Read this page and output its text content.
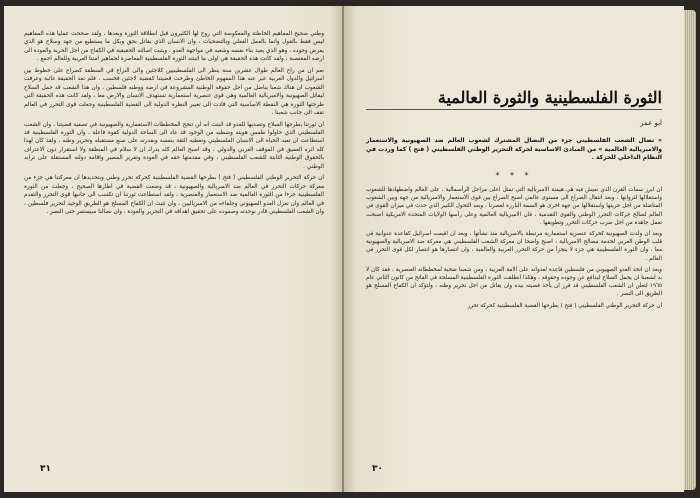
وطني صحيح المفاهيم الخاطئة والمعكوسة التي روج لها الكثيرون قبل انطلاقة الثورة وبعدها ، ولقد صححت عمليا هذه المفاهيم ليس فقط بالقول وانما بالعمل الفعلي وبالتضحيات ، وان الانسان الذي يقاتل بحق وبكل ما يستطيع من جهد وسلاح هو الذي يفرض وجوده ، وهو الذي يعيد بناء نفسه وشعبه في مواجهة العدو ، ويثبت اصالته الحقيقية في الكفاح من اجل الحرية والعودة الى ارضه المغتصبة ، ولقد كانت هذه الحقيقة هي اولى ما اثبتته الثورة الفلسطينية المعاصرة لجماهير امتنا العربية وللعالم اجمع .

نعم ان من راح العالم طوال عشرين سنة ينظر الى الفلسطينيين كلاجئين والى النزاع في المنطقة كصراع على خطوط بين اسرائيل والدول العربية عبر عنه هذا المفهوم الخاطئ وطرحت قضيتنا كقضية لاجئين فحسب ، فلم تعد الحقيقة غائبة وعرفت الشعوب ان هناك شعبا يناضل من اجل حقوقه الوطنية المشروعة في ارضه ووطنه فلسطين ، وان هذا الشعب قد حمل السلاح ليقاتل الصهيونية والامبريالية العالمية وهي قوى عنصرية استعمارية تستهدف الانسان والارض معا ، ولقد كانت هذه الحقيقة التي طرحتها الثورة هي النقطة الاساسية التي قادت الى تغيير النظرة الدولية الى القضية الفلسطينية وجعلت قوى التحرر في العالم تقف الى جانب شعبنا .

ان ثورتنا بطرحها السلاح وتصديها للعدو قد اثبتت انه لن تنجح المخططات الاستعمارية والصهيونية في تصفية قضيتنا ، وان الشعب الفلسطيني الذي حاولوا طمس هويته وشطبه من الوجود قد عاد الى الساحة الدولية كقوة فاعلة ، وان الثورة الفلسطينية قد استطاعت ان تعيد الحياة الى الانسان الفلسطيني وتعطيه الثقة بنفسه وبقدرته على صنع مستقبله وتحرير وطنه ، ولقد كان لهذا كله اثره العميق في الموقف العربي والدولي ، وقد اصبح العالم كله يدرك ان لا سلام في المنطقة ولا استقرار دون الاعتراف بالحقوق الوطنية الثابتة للشعب الفلسطيني ، وفي مقدمتها حقه في العودة وتقرير المصير واقامة دولته المستقلة على ترابه الوطني .

ان حركة التحرير الوطني الفلسطيني ( فتح ) بطرحها القضية الفلسطينية كحركة تحرر وطني وبتحديدها ان معركتنا هي جزء من معركة حركات التحرر في العالم ضد الامبريالية والصهيونية ، قد وضعت القضية في اطارها الصحيح ، وجعلت من الثورة الفلسطينية جزءا من الثورة العالمية ضد الاستعمار والعنصرية ، ولقد استطاعت ثورتنا ان تكسب الى جانبها قوى التحرر والتقدم في العالم وان تعزل العدو الصهيوني وحلفاءه من الامبرياليين ، وان تثبت ان الكفاح المسلح هو الطريق الوحيد لتحرير فلسطين ، وان الشعب الفلسطيني قادر بوحدته وصموده على تحقيق اهدافه في التحرير والعودة ، وان نضالنا سيستمر حتى النصر .

٣١
الثورة الفلسطينية والثورة العالمية
ابو عمر
« نضال الشعب الفلسطيني جزء من النضال المشترك لشعوب العالم ضد الصهيونية والاستعمار والامبريالية العالمية » من المبادئ الاساسية لحركة التحرير الوطني الفلسطيني ( فتح ) كما وردت في النظام الداخلي للحركة .
* * *

ان ابرز سمات القرن الذي نعيش فيه هي هيمنة الامبريالية التي تمثل اعلى مراحل الرأسمالية ، على العالم واضطهادها للشعوب واستغلالها لثرواتها ، وبعد انتقال الصراع الى مستوى عالمي اصبح الصراع بين قوى الاستعمار والامبريالية من جهة وبين الشعوب المناضلة من اجل حريتها واستقلالها من جهة اخرى هو السمة البارزة لعصرنا ، وبعد التحول الكبير الذي حدث في ميزان القوى في العالم لصالح حركات التحرر الوطني والقوى التقدمية ، فان الامبريالية العالمية وعلى رأسها الولايات المتحدة الامريكية اصبحت تعمل جاهدة من اجل ضرب حركات التحرر وتطويقها .

وبعد ان ولدت الصهيونية كحركة عنصرية استعمارية مرتبطة بالامبريالية منذ نشأتها ، وبعد ان اقيمت اسرائيل كقاعدة عدوانية في قلب الوطن العربي لخدمة مصالح الامبريالية ، اصبح واضحا ان معركة الشعب الفلسطيني هي معركة ضد الامبريالية والصهيونية معا ، وان الثورة الفلسطينية هي جزء لا يتجزأ من حركة التحرر العربية والعالمية ، وان انتصارها هو انتصار لكل قوى التحرر في العالم .

وبعد ان اتخذ العدو الصهيوني من فلسطين قاعدة لعدوانه على الامة العربية ، ومن شعبنا ضحية لمخططاته العنصرية ، فقد كان لا بد لشعبنا ان يحمل السلاح ليدافع عن وجوده وحقوقه ، وهكذا انطلقت الثورة الفلسطينية المسلحة في الفاتح من كانون الثاني عام ١٩٦٥ لتعلن ان الشعب الفلسطيني قد قرر ان يأخذ قضيته بيده وان يقاتل من اجل تحرير وطنه ، ولتؤكد ان الكفاح المسلح هو الطريق الى النصر .

ان حركة التحرير الوطني الفلسطيني ( فتح ) بطرحها القضية الفلسطينية كحركة تحرر

٣٠
